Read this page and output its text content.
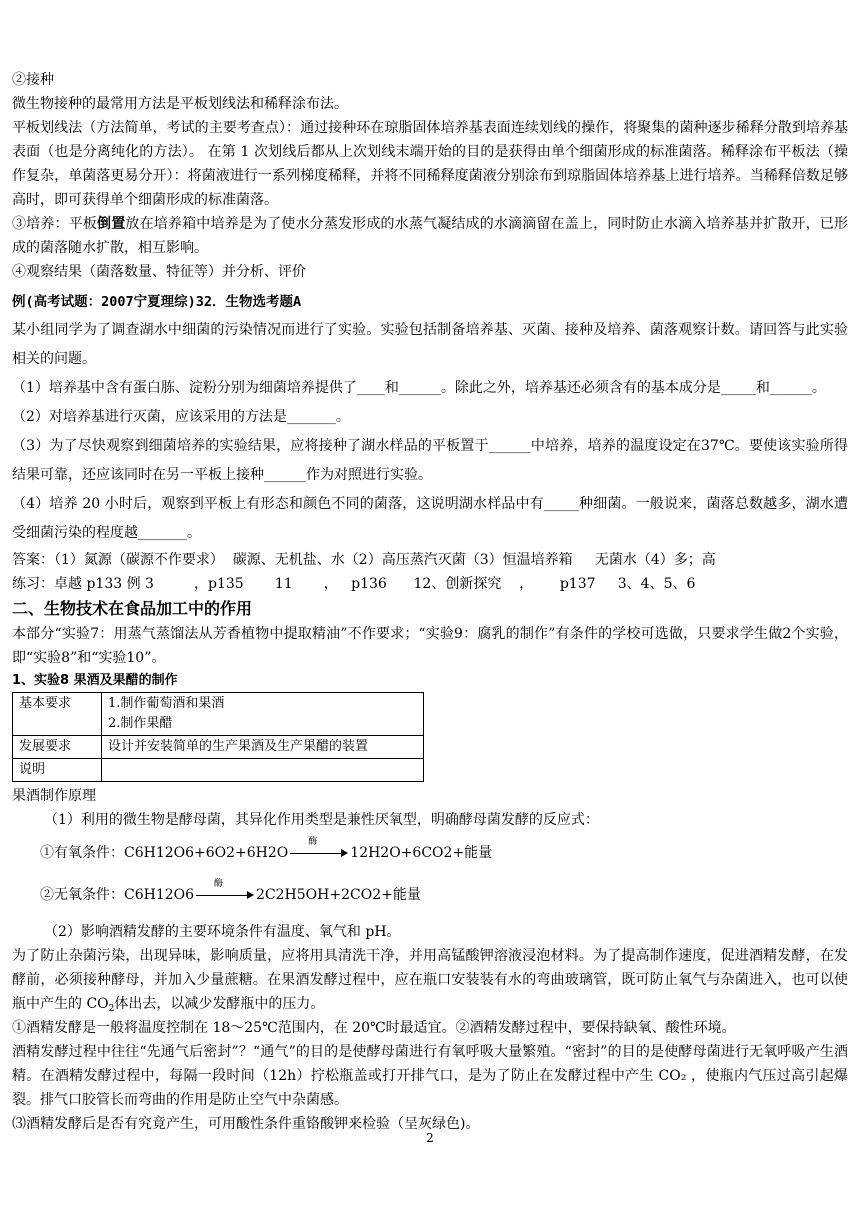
②接种

微生物接种的最常用方法是平板划线法和稀释涂布法。

平板划线法（方法简单，考试的主要考查点）：通过接种环在琼脂固体培养基表面连续划线的操作，将聚集的菌种逐步稀释分散到培养基表面（也是分离纯化的方法）。 在第 1 次划线后都从上次划线末端开始的目的是获得由单个细菌形成的标准菌落。稀释涂布平板法（操作复杂，单菌落更易分开）：将菌液进行一系列梯度稀释，并将不同稀释度菌液分别涂布到琼脂固体培养基上进行培养。当稀释倍数足够高时，即可获得单个细菌形成的标准菌落。

③培养：平板倒置放在培养箱中培养是为了使水分蒸发形成的水蒸气凝结成的水滴滴留在盖上，同时防止水滴入培养基并扩散开，已形成的菌落随水扩散，相互影响。

④观察结果（菌落数量、特征等）并分析、评价

例(高考试题：2007宁夏理综)32．生物选考题A

某小组同学为了调查湖水中细菌的污染情况而进行了实验。实验包括制备培养基、灭菌、接种及培养、菌落观察计数。请回答与此实验相关的问题。

（1）培养基中含有蛋白胨、淀粉分别为细菌培养提供了____和______。除此之外，培养基还必须含有的基本成分是_____和______。

（2）对培养基进行灭菌，应该采用的方法是_______。

（3）为了尽快观察到细菌培养的实验结果，应将接种了湖水样品的平板置于______中培养，培养的温度设定在37℃。要使该实验所得结果可靠，还应该同时在另一平板上接种______作为对照进行实验。

（4）培养 20 小时后，观察到平板上有形态和颜色不同的菌落，这说明湖水样品中有_____种细菌。一般说来，菌落总数越多，湖水遭受细菌污染的程度越_______。

答案：（1）氮源（碳源不作要求）  碳源、无机盐、水（2）高压蒸汽灭菌（3）恒温培养箱     无菌水（4）多；高

练习：卓越 p133 例 3         ，p135       11       ，   p136      12、创新探究    ，      p137     3、4、5、6

二、生物技术在食品加工中的作用

本部分“实验7：用蒸气蒸馏法从芳香植物中提取精油”不作要求；“实验9：腐乳的制作”有条件的学校可选做，只要求学生做2个实验，即“实验8”和“实验10”。

1、实验8 果酒及果醋的制作

基本要求	1.制作葡萄酒和果酒
2.制作果醋

发展要求	设计并安装简单的生产果酒及生产果醋的装置
说明	

果酒制作原理

（1）利用的微生物是酵母菌，其异化作用类型是兼性厌氧型，明确酵母菌发酵的反应式：

①有氧条件：C6H12O6+6O2+6H2O
酶
12H2O+6CO2+能量
②无氧条件：C6H12O6
酶
2C2H5OH+2CO2+能量

（2）影响酒精发酵的主要环境条件有温度、氧气和 pH。

为了防止杂菌污染，出现异味，影响质量，应将用具清洗干净，并用高锰酸钾溶液浸泡材料。为了提高制作速度，促进酒精发酵，在发酵前，必须接种酵母，并加入少量蔗糖。在果酒发酵过程中，应在瓶口安装装有水的弯曲玻璃管，既可防止氧气与杂菌进入，也可以使瓶中产生的 $CO_2$体出去，以减少发酵瓶中的压力。

①酒精发酵是一般将温度控制在 18～25℃范围内，在 20℃时最适宜。②酒精发酵过程中，要保持缺氧、酸性环境。

酒精发酵过程中往往“先通气后密封”？“通气”的目的是使酵母菌进行有氧呼吸大量繁殖。“密封”的目的是使酵母菌进行无氧呼吸产生酒精。在酒精发酵过程中，每隔一段时间（12h）拧松瓶盖或打开排气口，是为了防止在发酵过程中产生 CO₂ ，使瓶内气压过高引起爆裂。排气口胶管长而弯曲的作用是防止空气中杂菌感。

⑶酒精发酵后是否有究竟产生，可用酸性条件重铬酸钾来检验（呈灰绿色)。

2
